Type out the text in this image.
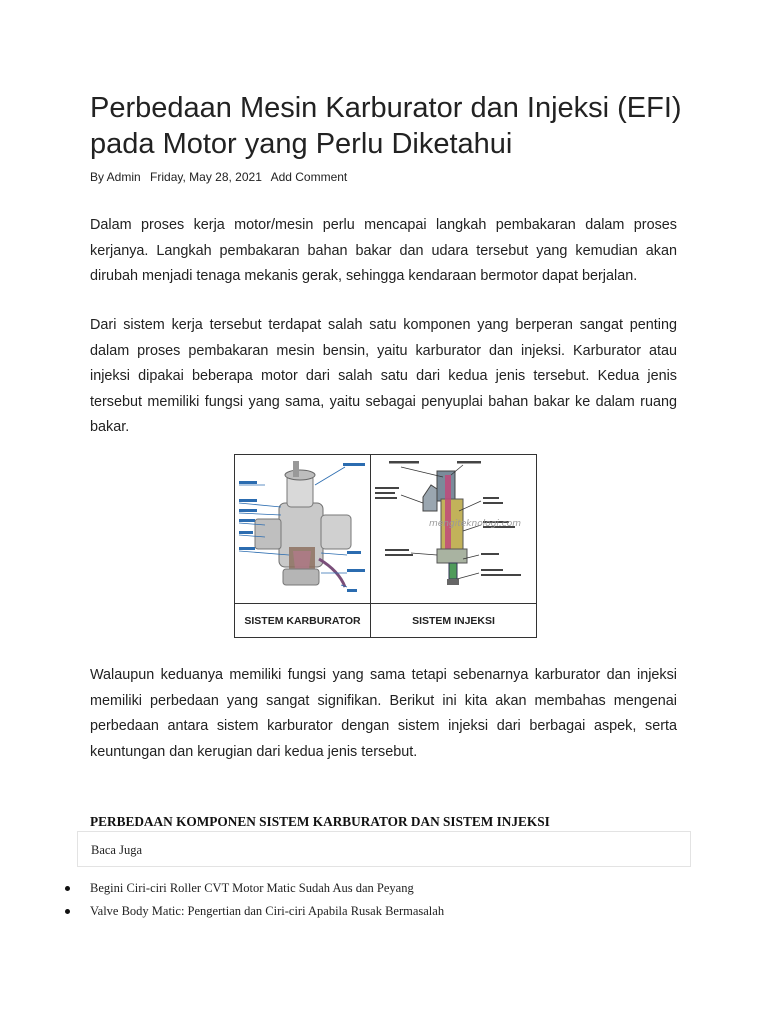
Perbedaan Mesin Karburator dan Injeksi (EFI) pada Motor yang Perlu Diketahui
By Admin Friday, May 28, 2021 Add Comment

Dalam proses kerja motor/mesin perlu mencapai langkah pembakaran dalam proses kerjanya. Langkah pembakaran bahan bakar dan udara tersebut yang kemudian akan dirubah menjadi tenaga mekanis gerak, sehingga kendaraan bermotor dapat berjalan.

Dari sistem kerja tersebut terdapat salah satu komponen yang berperan sangat penting dalam proses pembakaran mesin bensin, yaitu karburator dan injeksi. Karburator atau injeksi dipakai beberapa motor dari salah satu dari kedua jenis tersebut. Kedua jenis tersebut memiliki fungsi yang sama, yaitu sebagai penyuplai bahan bakar ke dalam ruang bakar.

mengiteknologi.com
SISTEM KARBURATOR	SISTEM INJEKSI

Walaupun keduanya memiliki fungsi yang sama tetapi sebenarnya karburator dan injeksi memiliki perbedaan yang sangat signifikan. Berikut ini kita akan membahas mengenai perbedaan antara sistem karburator dengan sistem injeksi dari berbagai aspek, serta keuntungan dan kerugian dari kedua jenis tersebut.

PERBEDAAN KOMPONEN SISTEM KARBURATOR DAN SISTEM INJEKSI
Baca Juga
Begini Ciri-ciri Roller CVT Motor Matic Sudah Aus dan Peyang
Valve Body Matic: Pengertian dan Ciri-ciri Apabila Rusak Bermasalah
